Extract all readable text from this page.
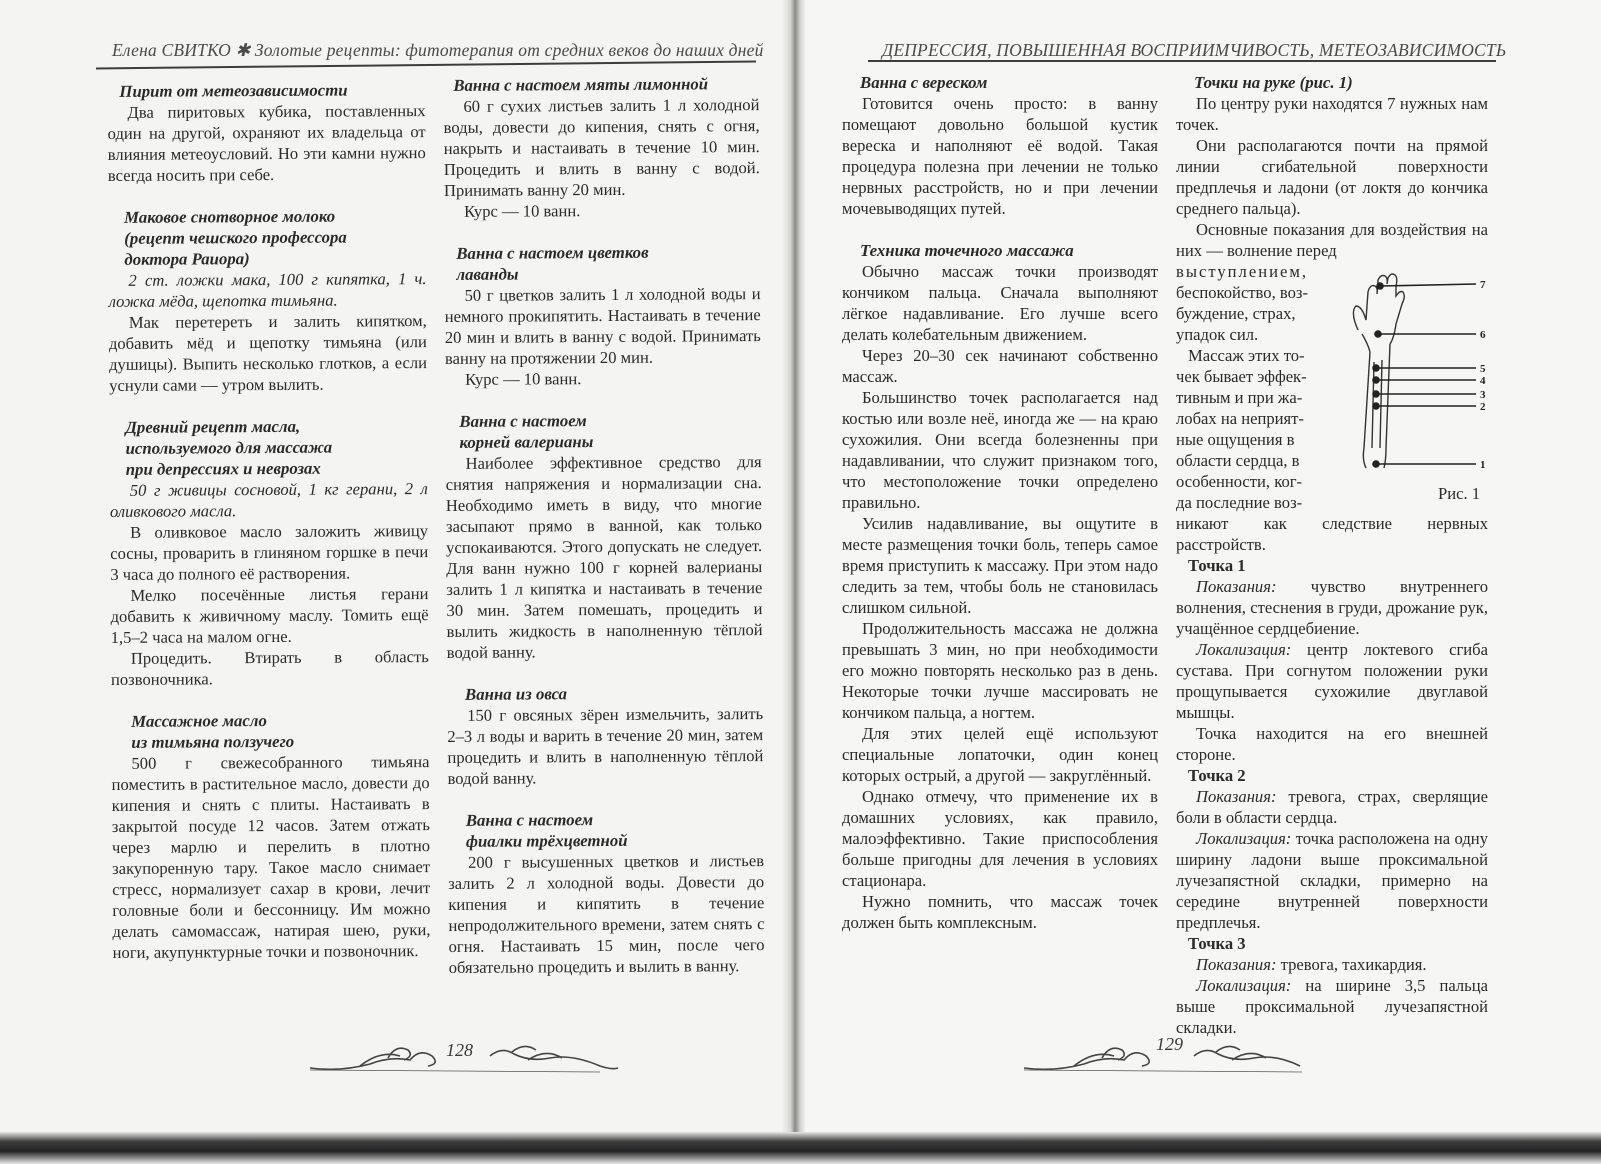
Елена СВИТКО ✱ Золотые рецепты: фитотерапия от средних веков до наших дней	ДЕПРЕССИЯ, ПОВЫШЕННАЯ ВОСПРИИМЧИВОСТЬ, МЕТЕОЗАВИСИМОСТЬ

Пирит от метеозависимости

Два пиритовых кубика, поставленных один на другой, охраняют их владельца от влияния метеоусловий. Но эти камни нужно всегда носить при себе.

Маковое снотворное молоко

(рецепт чешского профессора

доктора Раиора)

2 ст. ложки мака, 100 г кипятка, 1 ч. ложка мёда, щепотка тимьяна.

Мак перетереть и залить кипятком, добавить мёд и щепотку тимьяна (или душицы). Выпить несколько глотков, а если уснули сами — утром вылить.

Древний рецепт масла,

используемого для массажа

при депрессиях и неврозах

50 г живицы сосновой, 1 кг герани, 2 л оливкового масла.

В оливковое масло заложить живицу сосны, проварить в глиняном горшке в печи 3 часа до полного её растворения.

Мелко посечённые листья герани добавить к живичному маслу. Томить ещё 1,5–2 часа на малом огне.

Процедить. Втирать в область позвоночника.

Массажное масло

из тимьяна ползучего

500 г свежесобранного тимьяна поместить в растительное масло, довести до кипения и снять с плиты. Настаивать в закрытой посуде 12 часов. Затем отжать через марлю и перелить в плотно закупоренную тару. Такое масло снимает стресс, нормализует сахар в крови, лечит головные боли и бессонницу. Им можно делать самомассаж, натирая шею, руки, ноги, акупунктурные точки и позвоночник.

Ванна с настоем мяты лимонной

60 г сухих листьев залить 1 л холодной воды, довести до кипения, снять с огня, накрыть и настаивать в течение 10 мин. Процедить и влить в ванну с водой. Принимать ванну 20 мин.

Курс — 10 ванн.

Ванна с настоем цветков

лаванды

50 г цветков залить 1 л холодной воды и немного прокипятить. Настаивать в течение 20 мин и влить в ванну с водой. Принимать ванну на протяжении 20 мин.

Курс — 10 ванн.

Ванна с настоем

корней валерианы

Наиболее эффективное средство для снятия напряжения и нормализации сна. Необходимо иметь в виду, что многие засыпают прямо в ванной, как только успокаиваются. Этого допускать не следует. Для ванн нужно 100 г корней валерианы залить 1 л кипятка и настаивать в течение 30 мин. Затем помешать, процедить и вылить жидкость в наполненную тёплой водой ванну.

Ванна из овса

150 г овсяных зёрен измельчить, залить 2–3 л воды и варить в течение 20 мин, затем процедить и влить в наполненную тёплой водой ванну.

Ванна с настоем

фиалки трёхцветной

200 г высушенных цветков и листьев залить 2 л холодной воды. Довести до кипения и кипятить в течение непродолжительного времени, затем снять с огня. Настаивать 15 мин, после чего обязательно процедить и вылить в ванну.

128

Ванна с вереском

Готовится очень просто: в ванну помещают довольно большой кустик вереска и наполняют её водой. Такая процедура полезна при лечении не только нервных расстройств, но и при лечении мочевыводящих путей.

Техника точечного массажа

Обычно массаж точки производят кончиком пальца. Сначала выполняют лёгкое надавливание. Его лучше всего делать колебательным движением.

Через 20–30 сек начинают собственно массаж.

Большинство точек располагается над костью или возле неё, иногда же — на краю сухожилия. Они всегда болезненны при надавливании, что служит признаком того, что местоположение точки определено правильно.

Усилив надавливание, вы ощутите в месте размещения точки боль, теперь самое время приступить к массажу. При этом надо следить за тем, чтобы боль не становилась слишком сильной.

Продолжительность массажа не должна превышать 3 мин, но при необходимости его можно повторять несколько раз в день. Некоторые точки лучше массировать не кончиком пальца, а ногтем.

Для этих целей ещё используют специальные лопаточки, один конец которых острый, а другой — закруглённый.

Однако отмечу, что применение их в домашних условиях, как правило, малоэффективно. Такие приспособления больше пригодны для лечения в условиях стационара.

Нужно помнить, что массаж точек должен быть комплексным.

Точки на руке (рис. 1)

По центру руки находятся 7 нужных нам точек.

Они располагаются почти на прямой линии сгибательной поверхности предплечья и ладони (от локтя до кончика среднего пальца).

Основные показания для воздействия на них — волнение перед

выступлением,

беспокойство, воз-

буждение, страх,

упадок сил.

Массаж этих то-

чек бывает эффек-

тивным и при жа-

лобах на неприят-

ные ощущения в

области сердца, в

особенности, ког-

да последние воз-

7
6
5
4
3
2
1
Рис. 1

никают как следствие нервных расстройств.

Точка 1

Показания: чувство внутреннего волнения, стеснения в груди, дрожание рук, учащённое сердцебиение.

Локализация: центр локтевого сгиба сустава. При согнутом положении руки прощупывается сухожилие двуглавой мышцы.

Точка находится на его внешней стороне.

Точка 2

Показания: тревога, страх, сверлящие боли в области сердца.

Локализация: точка расположена на одну ширину ладони выше проксимальной лучезапястной складки, примерно на середине внутренней поверхности предплечья.

Точка 3

Показания: тревога, тахикардия.

Локализация: на ширине 3,5 пальца выше проксимальной лучезапястной складки.

129
